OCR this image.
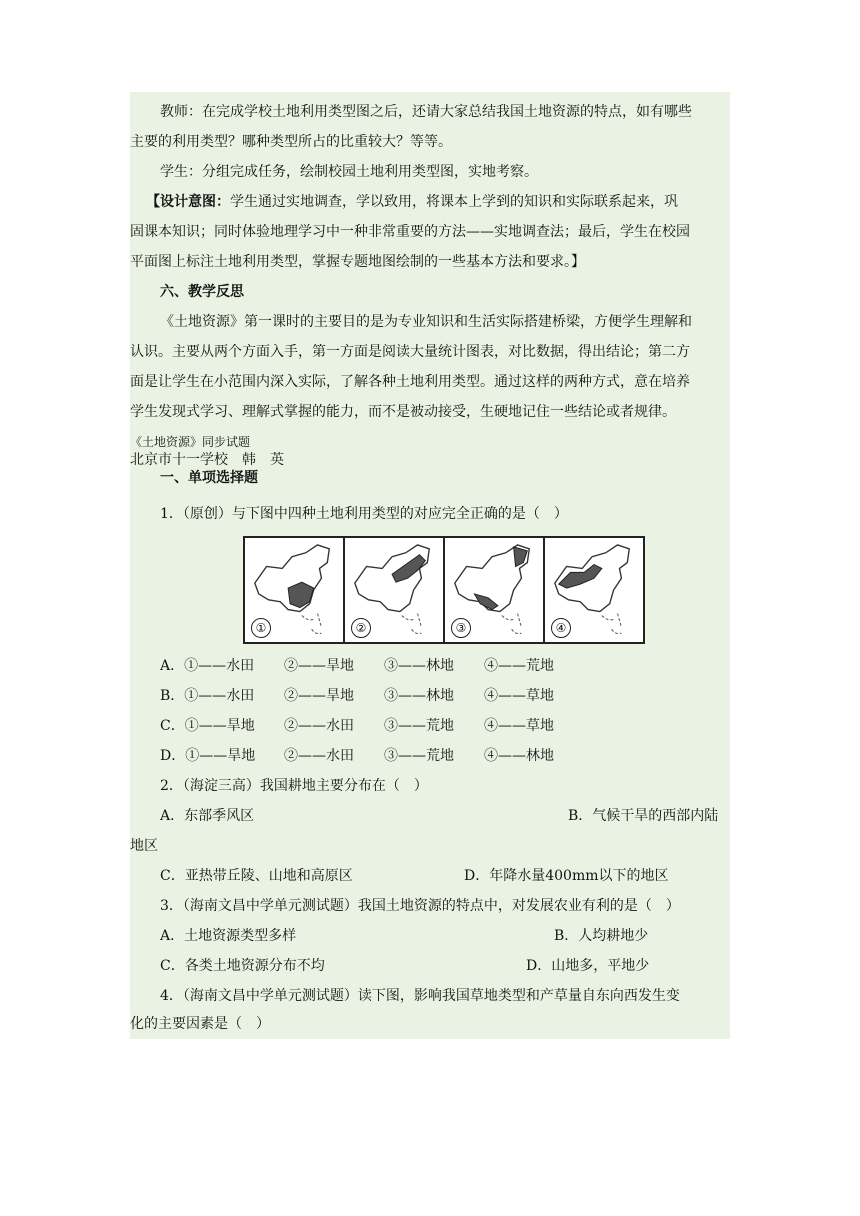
教师：在完成学校土地利用类型图之后，还请大家总结我国土地资源的特点，如有哪些
主要的利用类型？哪种类型所占的比重较大？等等。
学生：分组完成任务，绘制校园土地利用类型图，实地考察。
【设计意图：学生通过实地调查，学以致用，将课本上学到的知识和实际联系起来，巩
固课本知识；同时体验地理学习中一种非常重要的方法——实地调查法；最后，学生在校园
平面图上标注土地利用类型，掌握专题地图绘制的一些基本方法和要求。】
六、教学反思
《土地资源》第一课时的主要目的是为专业知识和生活实际搭建桥梁，方便学生理解和
认识。主要从两个方面入手，第一方面是阅读大量统计图表，对比数据，得出结论；第二方
面是让学生在小范围内深入实际，了解各种土地利用类型。通过这样的两种方式，意在培养
学生发现式学习、理解式掌握的能力，而不是被动接受，生硬地记住一些结论或者规律。
《土地资源》同步试题
北京市十一学校　韩　英
一、单项选择题
1．（原创）与下图中四种土地利用类型的对应完全正确的是（　）
①	②	③	④
A．①——水田 ②——旱地 ③——林地 ④——荒地
B．①——水田 ②——旱地 ③——林地 ④——草地
C．①——旱地 ②——水田 ③——荒地 ④——草地
D．①——旱地 ②——水田 ③——荒地 ④——林地
2．（海淀三高）我国耕地主要分布在（　）
A．东部季风区	B．气候干旱的西部内陆
地区
C．亚热带丘陵、山地和高原区	D．年降水量400mm以下的地区
3．（海南文昌中学单元测试题）我国土地资源的特点中，对发展农业有利的是（　）
A．土地资源类型多样	B．人均耕地少
C．各类土地资源分布不均	D．山地多，平地少
4．（海南文昌中学单元测试题）读下图，影响我国草地类型和产草量自东向西发生变
化的主要因素是（　）
